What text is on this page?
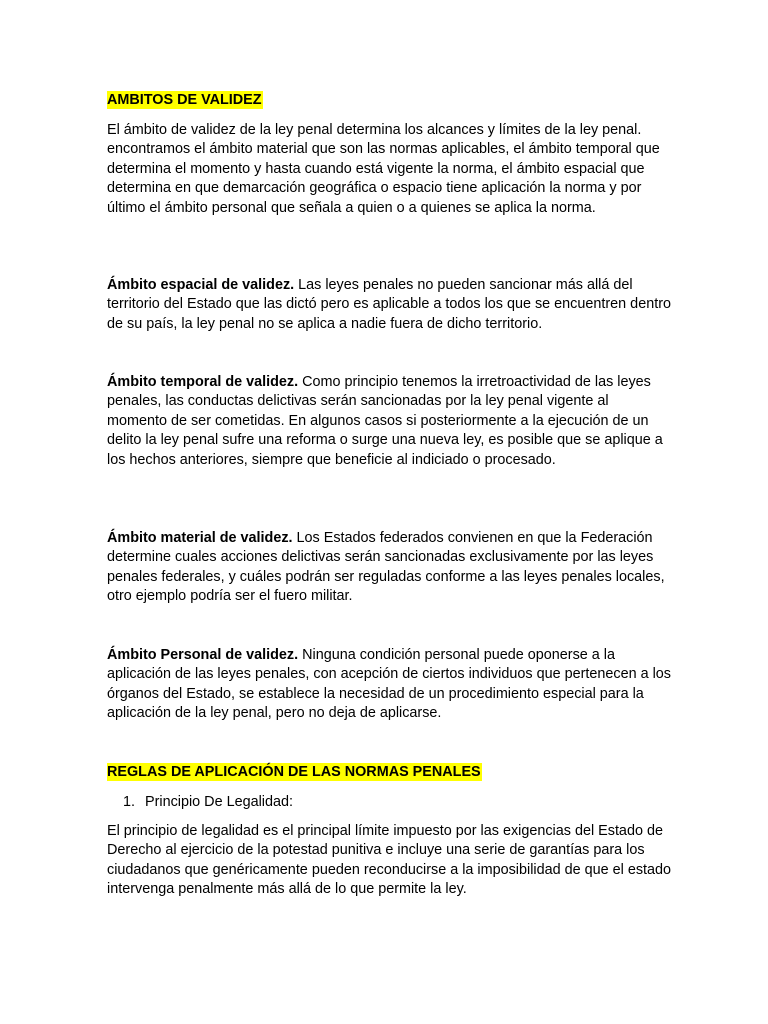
AMBITOS DE VALIDEZ

El ámbito de validez de la ley penal determina los alcances y límites de la ley penal. encontramos el ámbito material que son las normas aplicables, el ámbito temporal que determina el momento y hasta cuando está vigente la norma, el ámbito espacial que determina en que demarcación geográfica o espacio tiene aplicación la norma y por último el ámbito personal que señala a quien o a quienes se aplica la norma.

Ámbito espacial de validez. Las leyes penales no pueden sancionar más allá del territorio del Estado que las dictó pero es aplicable a todos los que se encuentren dentro de su país, la ley penal no se aplica a nadie fuera de dicho territorio.

Ámbito temporal de validez. Como principio tenemos la irretroactividad de las leyes penales, las conductas delictivas serán sancionadas por la ley penal vigente al momento de ser cometidas. En algunos casos si posteriormente a la ejecución de un delito la ley penal sufre una reforma o surge una nueva ley, es posible que se aplique a los hechos anteriores, siempre que beneficie al indiciado o procesado.

Ámbito material de validez. Los Estados federados convienen en que la Federación determine cuales acciones delictivas serán sancionadas exclusivamente por las leyes penales federales, y cuáles podrán ser reguladas conforme a las leyes penales locales, otro ejemplo podría ser el fuero militar.

Ámbito Personal de validez. Ninguna condición personal puede oponerse a la aplicación de las leyes penales, con acepción de ciertos individuos que pertenecen a los órganos del Estado, se establece la necesidad de un procedimiento especial para la aplicación de la ley penal, pero no deja de aplicarse.

REGLAS DE APLICACIÓN DE LAS NORMAS PENALES
1. Principio De Legalidad:

El principio de legalidad es el principal límite impuesto por las exigencias del Estado de Derecho al ejercicio de la potestad punitiva e incluye una serie de garantías para los ciudadanos que genéricamente pueden reconducirse a la imposibilidad de que el estado intervenga penalmente más allá de lo que permite la ley.
